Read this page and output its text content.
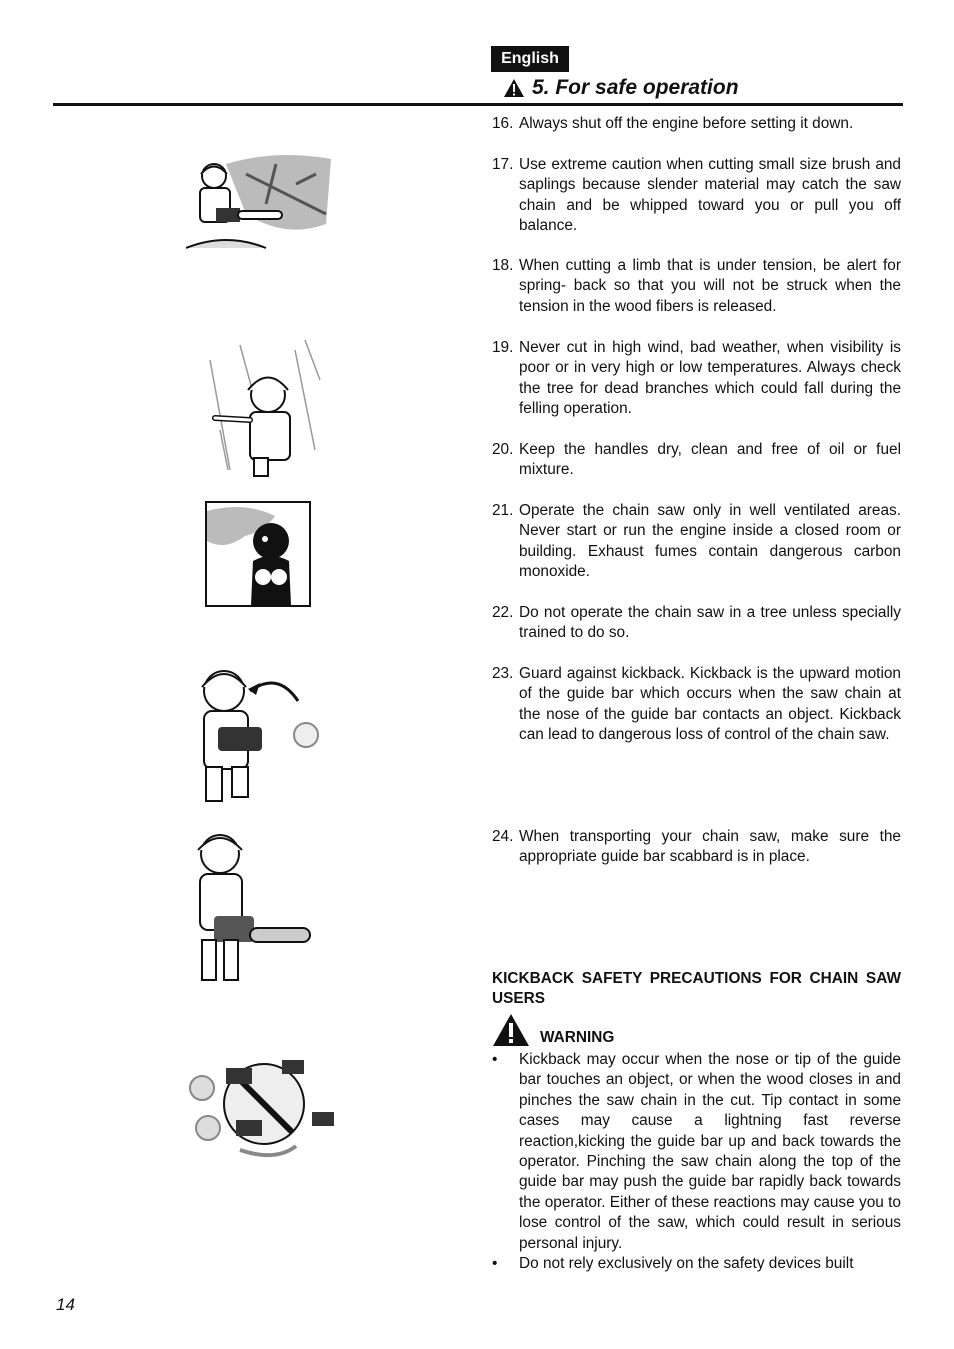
English
5. For safe operation
16. Always shut off the engine before setting it down.
17. Use extreme caution when cutting small size brush and saplings because slender material may catch the saw chain and be whipped toward you or pull you off balance.
18. When cutting a limb that is under tension, be alert for spring- back so that you will not be struck when the tension in the wood fibers is released.
19. Never cut in high wind, bad weather, when visibility is poor or in very high or low temperatures. Always check the tree for dead branches which could fall during the felling operation.
20. Keep the handles dry, clean and free of oil or fuel mixture.
21. Operate the chain saw only in well ventilated areas. Never start or run the engine inside a closed room or building. Exhaust fumes contain dangerous carbon monoxide.
22. Do not operate the chain saw in a tree unless specially trained to do so.
23. Guard against kickback. Kickback is the upward motion of the guide bar which occurs when the saw chain at the nose of the guide bar contacts an object. Kickback can lead to dangerous loss of control of the chain saw.
24. When transporting your chain saw, make sure the appropriate guide bar scabbard is in place.
KICKBACK SAFETY PRECAUTIONS FOR CHAIN SAW USERS
WARNING
•	Kickback may occur when the nose or tip of the guide bar touches an object, or when the wood closes in and pinches the saw chain in the cut. Tip contact in some cases may cause a lightning fast reverse reaction,kicking the guide bar up and back towards the operator. Pinching the saw chain along the top of the guide bar may push the guide bar rapidly back towards the operator. Either of these reactions may cause you to lose control of the saw, which could result in serious personal injury.
•	Do not rely exclusively on the safety devices built
14
